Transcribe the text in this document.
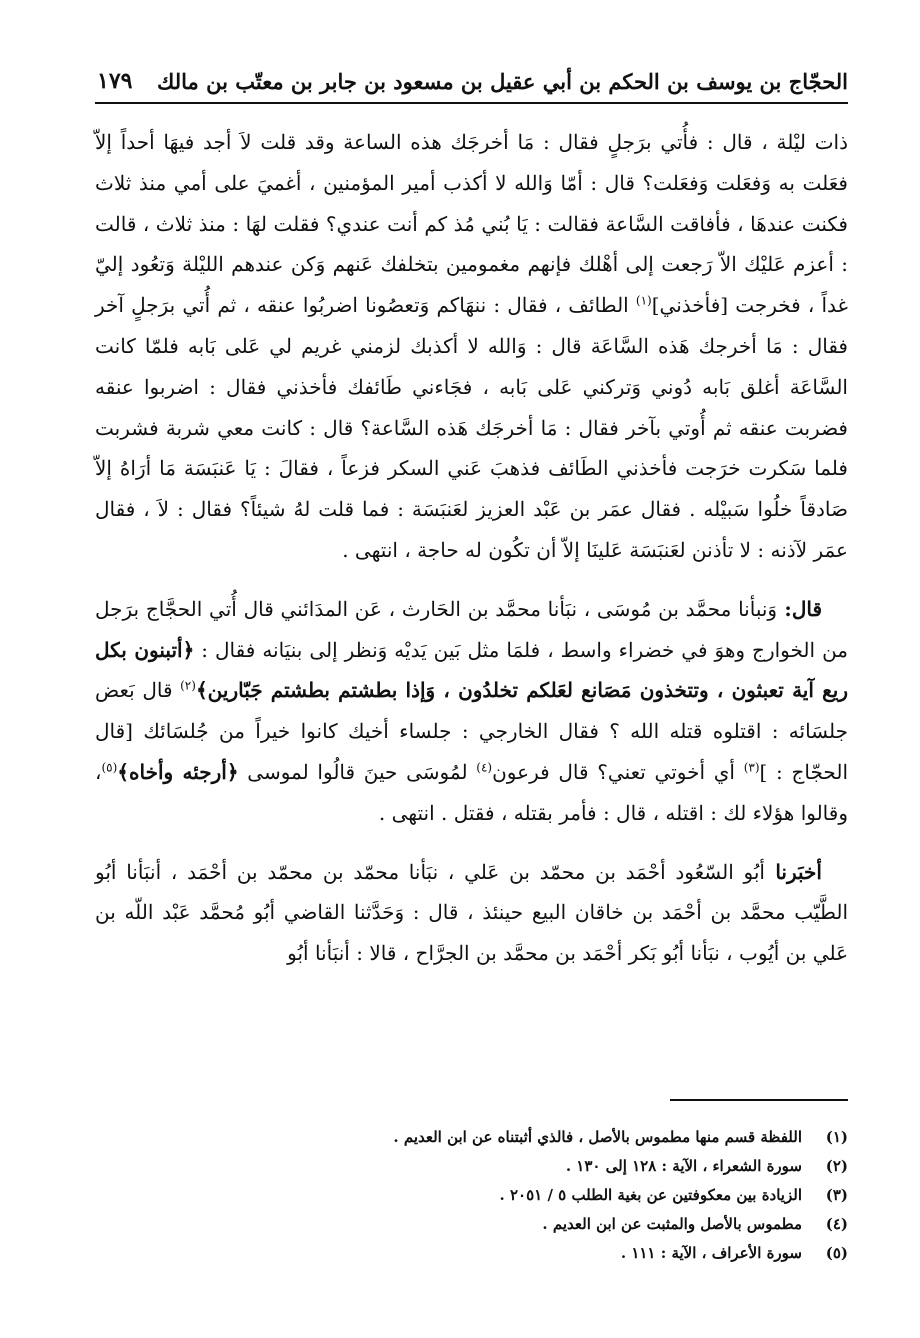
الحجّاج بن يوسف بن الحكم بن أبي عقيل بن مسعود بن جابر بن معتّب بن مالك
١٧٩

ذات ليْلة ، قال : فأُتي برَجلٍ فقال : مَا أخرجَك هذه الساعة وقد قلت لاَ أجد فيهَا أحداً إلاّ فعَلت به وَفعَلت وَفعَلت؟ قال : أمّا وَالله لا أكذب أمير المؤمنين ، أغميَ على أمي منذ ثلاث فكنت عندهَا ، فأفاقت السَّاعة فقالت : يَا بُني مُذ كم أنت عندي؟ فقلت لهَا : منذ ثلاث ، قالت : أعزم عَليْك الاّ رَجعت إلى أهْلك فإنهم مغمومين بتخلفك عَنهم وَكن عندهم الليْلة وَتعُود إليّ غداً ، فخرجت [فأخذني]$^{(١)}$ الطائف ، فقال : ننهَاكم وَتعصُونا اضربُوا عنقه ، ثم أُتي برَجلٍ آخر فقال : مَا أخرجك هَذه السَّاعَة قال : وَالله لا أكذبك لزمني غريم لي عَلى بَابه فلمّا كانت السَّاعَة أغلق بَابه دُوني وَتركني عَلى بَابه ، فجَاءني طَائفك فأخذني فقال : اضربوا عنقه فضربت عنقه ثم أُوتي بآخر فقال : مَا أخرجَك هَذه السَّاعة؟ قال : كانت معي شربة فشربت فلما سَكرت خرَجت فأخذني الطَائف فذهبَ عَني السكر فزعاً ، فقالَ : يَا عَنبَسَة مَا أرَاهُ إلاّ صَادقاً خلُوا سَبيْله . فقال عمَر بن عَبْد العزيز لعَنبَسَة : فما قلت لهُ شيئاً؟ فقال : لاَ ، فقال عمَر لآذنه : لا تأذنن لعَنبَسَة عَلينَا إلاّ أن تكُون له حاجة ، انتهى .

قال: وَنبأنا محمَّد بن مُوسَى ، نبَأنا محمَّد بن الحَارث ، عَن المدَائني قال أُتي الحجَّاج برَجل من الخوارج وهوَ في خضراء واسط ، فلمَا مثل بَين يَديْه وَنظر إلى بنيَانه فقال : ﴿أتبنون بكل ريع آية تعبثون ، وتتخذون مَصَانع لعَلكم تخلدُون ، وَإذا بطشتم بطشتم جَبّارين﴾$^{(٢)}$ قال بَعض جلسَائه : اقتلوه قتله الله ؟ فقال الخارجي : جلساء أخيك كانوا خيراً من جُلسَائك [قال الحجّاج : ]$^{(٣)}$ أي أخوتي تعني؟ قال فرعون$^{(٤)}$ لمُوسَى حينَ قالُوا لموسى ﴿أرجئه وأخاه﴾$^{(٥)}$، وقالوا هؤلاء لك : اقتله ، قال : فأمر بقتله ، فقتل . انتهى .

أخبَرنا أبُو السّعُود أحْمَد بن محمّد بن عَلي ، نبَأنا محمّد بن محمّد بن أحْمَد ، أنبَأنا أبُو الطَّيّب محمَّد بن أحْمَد بن خاقان البيع حينئذ ، قال : وَحَدَّثنا القاضي أبُو مُحمَّد عَبْد اللّه بن عَلي بن أيُوب ، نبَأنا أبُو بَكر أحْمَد بن محمَّد بن الجرَّاح ، قالا : أنبَأنا أبُو

(١)
اللفظة قسم منها مطموس بالأصل ، فالذي أثبتناه عن ابن العديم .
(٢)
سورة الشعراء ، الآية : ١٢٨ إلى ١٣٠ .
(٣)
الزيادة بين معكوفتين عن بغية الطلب ٥ / ٢٠٥١ .
(٤)
مطموس بالأصل والمثبت عن ابن العديم .
(٥)
سورة الأعراف ، الآية : ١١١ .
